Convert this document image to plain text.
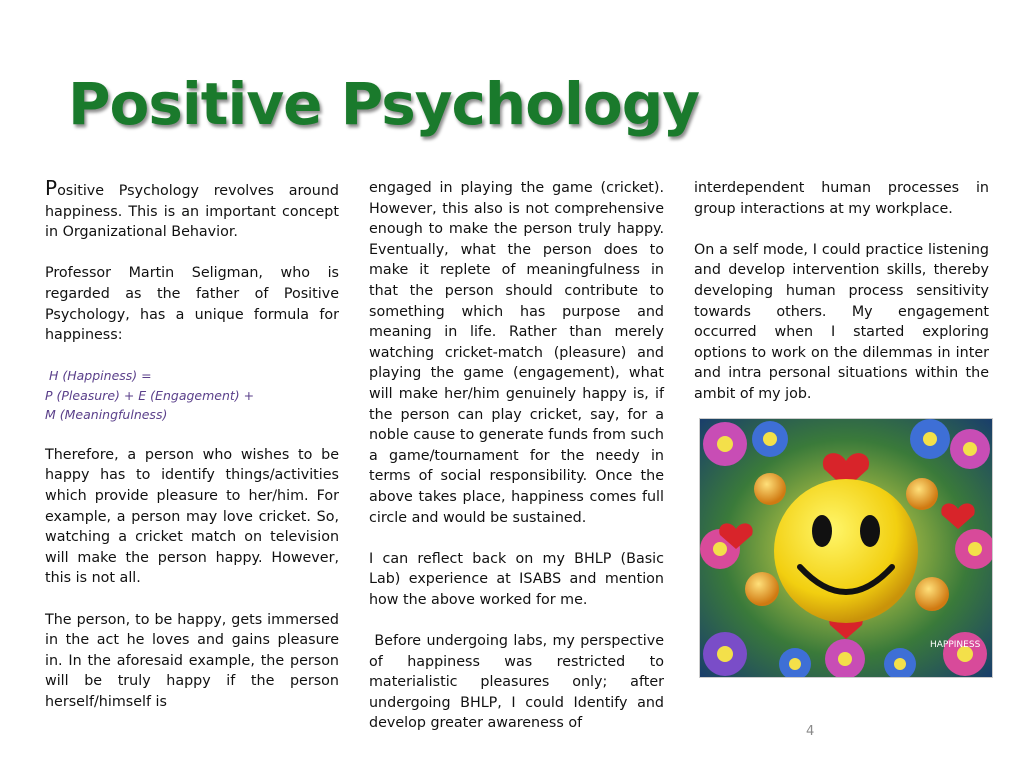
Positive Psychology

Positive Psychology revolves around happiness. This is an important concept in Organizational Behavior.

Professor Martin Seligman, who is regarded as the father of Positive Psychology, has a unique formula for happiness:

H (Happiness) =
P (Pleasure) + E (Engagement) +
M (Meaningfulness)

Therefore, a person who wishes to be happy has to identify things/activities which provide pleasure to her/him. For example, a person may love cricket. So, watching a cricket match on television will make the person happy. However, this is not all.

The person, to be happy, gets immersed in the act he loves and gains pleasure in. In the aforesaid example, the person will be truly happy if the person herself/himself is

engaged in playing the game (cricket). However, this also is not comprehensive enough to make the person truly happy. Eventually, what the person does to make it replete of meaningfulness in that the person should contribute to something which has purpose and meaning in life. Rather than merely watching cricket-match (pleasure) and playing the game (engagement), what will make her/him genuinely happy is, if the person can play cricket, say, for a noble cause to generate funds from such a game/tournament for the needy in terms of social responsibility. Once the above takes place, happiness comes full circle and would be sustained.

I can reflect back on my BHLP (Basic Lab) experience at ISABS and mention how the above worked for me.

Before undergoing labs, my perspective of happiness was restricted to materialistic pleasures only; after undergoing BHLP, I could Identify and develop greater awareness of

interdependent human processes in group interactions at my workplace.

On a self mode, I could practice listening and develop intervention skills, thereby developing human process sensitivity towards others. My engagement occurred when I started exploring options to work on the dilemmas in inter and intra personal situations within the ambit of my job.

HAPPINESS
4
